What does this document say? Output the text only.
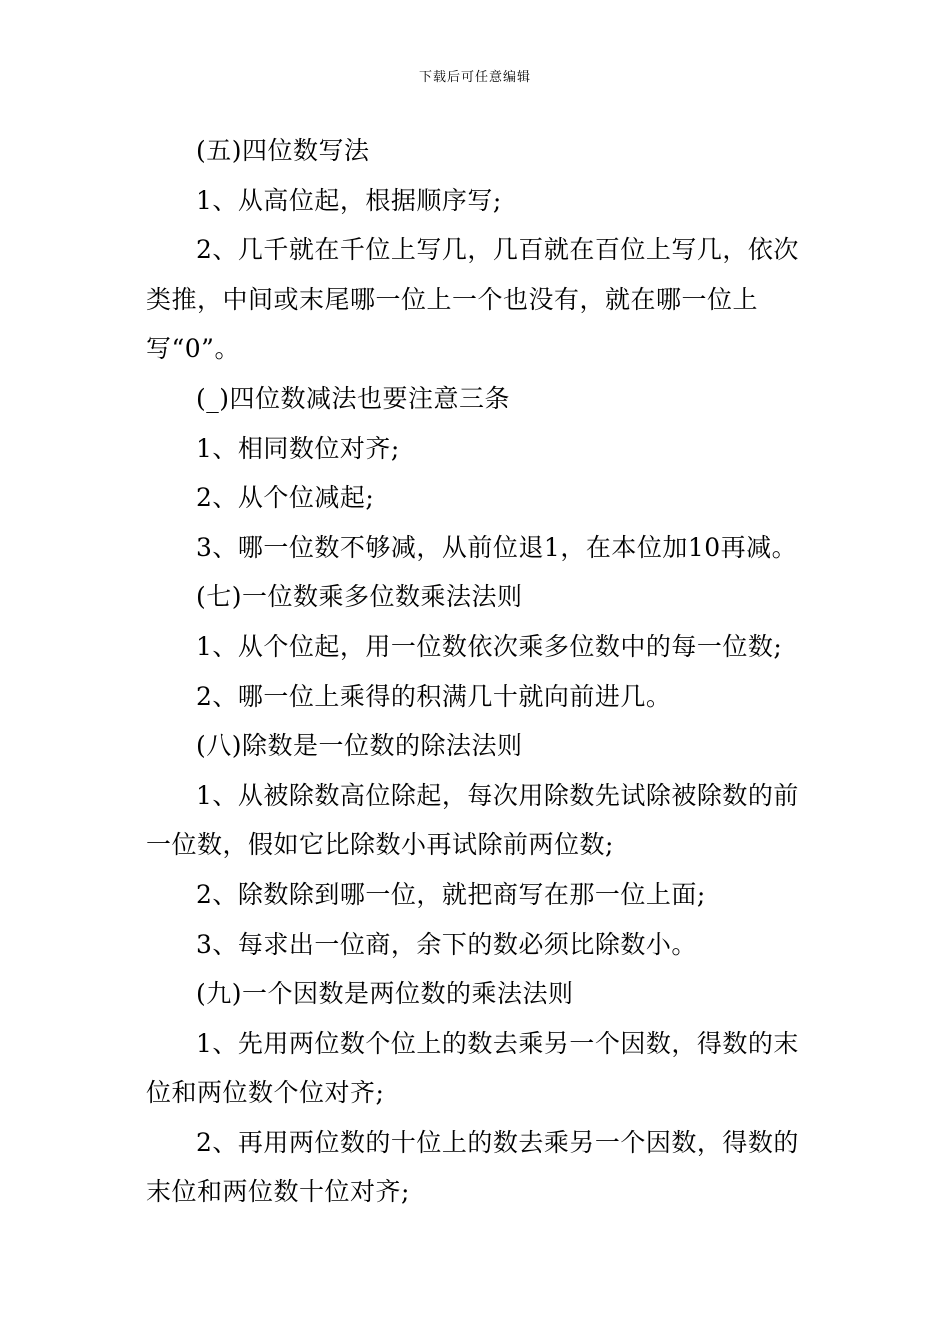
下载后可任意编辑

(五)四位数写法

1、从高位起，根据顺序写;

2、几千就在千位上写几，几百就在百位上写几，依次类推，中间或末尾哪一位上一个也没有，就在哪一位上写“0”。

(_)四位数减法也要注意三条

1、相同数位对齐;

2、从个位减起;

3、哪一位数不够减，从前位退1，在本位加10再减。

(七)一位数乘多位数乘法法则

1、从个位起，用一位数依次乘多位数中的每一位数;

2、哪一位上乘得的积满几十就向前进几。

(八)除数是一位数的除法法则

1、从被除数高位除起，每次用除数先试除被除数的前一位数，假如它比除数小再试除前两位数;

2、除数除到哪一位，就把商写在那一位上面;

3、每求出一位商，余下的数必须比除数小。

(九)一个因数是两位数的乘法法则

1、先用两位数个位上的数去乘另一个因数，得数的末位和两位数个位对齐;

2、再用两位数的十位上的数去乘另一个因数，得数的末位和两位数十位对齐;
